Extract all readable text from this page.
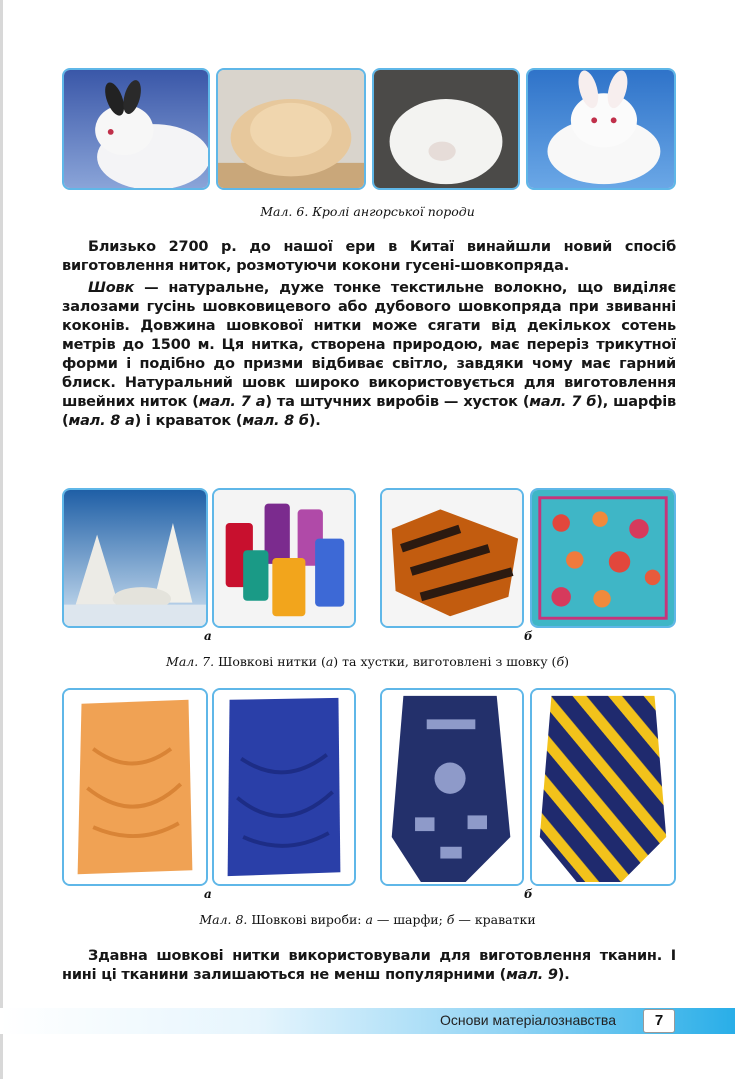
Мал. 6. Кролі ангорської породи
Близько 2700 р. до нашої ери в Китаї винайшли новий спосіб виготовлення ниток, розмотуючи кокони гусені-шовкопряда.
Шовк — натуральне, дуже тонке текстильне волокно, що виділяє залозами гусінь шовковицевого або дубового шовкопряда при звиванні коконів. Довжина шовкової нитки може сягати від декількох сотень метрів до 1500 м. Ця нитка, створена природою, має переріз трикутної форми і подібно до призми відбиває світло, завдяки чому має гарний блиск. Натуральний шовк широко використовується для виготовлення швейних ниток (мал. 7 а) та штучних виробів — хусток (мал. 7 б), шарфів (мал. 8 а) і краваток (мал. 8 б).
а	б
Мал. 7. Шовкові нитки (а) та хустки, виготовлені з шовку (б)
а	б
Мал. 8. Шовкові вироби: а — шарфи; б — краватки
Здавна шовкові нитки використовували для виготовлення тканин. І нині ці тканини залишаються не менш популярними (мал. 9).
Основи матеріалознавства	7
